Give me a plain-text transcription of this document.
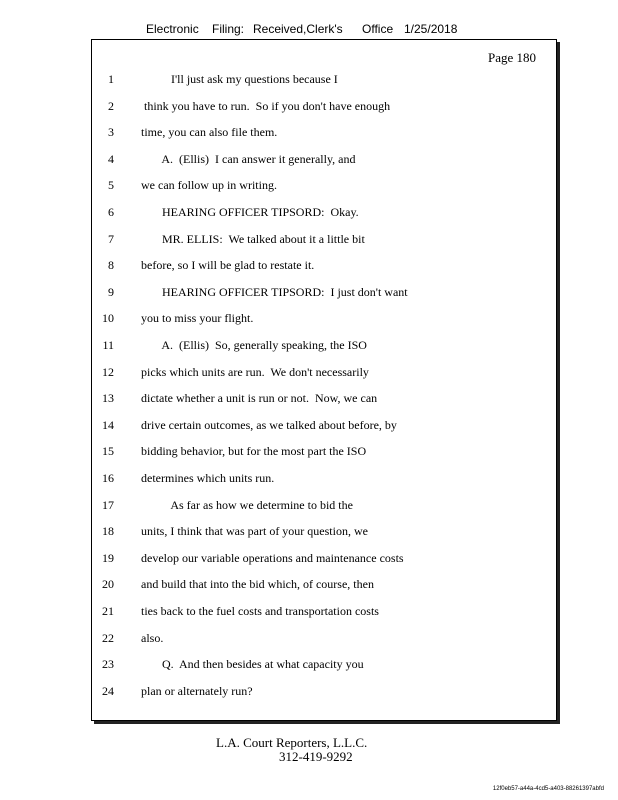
Electronic Filing: Received,Clerk's Office 1/25/2018
Page 180
1 I'll just ask my questions because I
2 think you have to run.  So if you don't have enough
3 time, you can also file them.
4 A.  (Ellis)  I can answer it generally, and
5 we can follow up in writing.
6 HEARING OFFICER TIPSORD:  Okay.
7 MR. ELLIS:  We talked about it a little bit
8 before, so I will be glad to restate it.
9 HEARING OFFICER TIPSORD:  I just don't want
10 you to miss your flight.
11 A.  (Ellis)  So, generally speaking, the ISO
12 picks which units are run.  We don't necessarily
13 dictate whether a unit is run or not.  Now, we can
14 drive certain outcomes, as we talked about before, by
15 bidding behavior, but for the most part the ISO
16 determines which units run.
17 As far as how we determine to bid the
18 units, I think that was part of your question, we
19 develop our variable operations and maintenance costs
20 and build that into the bid which, of course, then
21 ties back to the fuel costs and transportation costs
22 also.
23 Q.  And then besides at what capacity you
24 plan or alternately run?
L.A. Court Reporters, L.L.C.
312-419-9292
12f0eb57-a44a-4cd5-a403-88261397abfd
